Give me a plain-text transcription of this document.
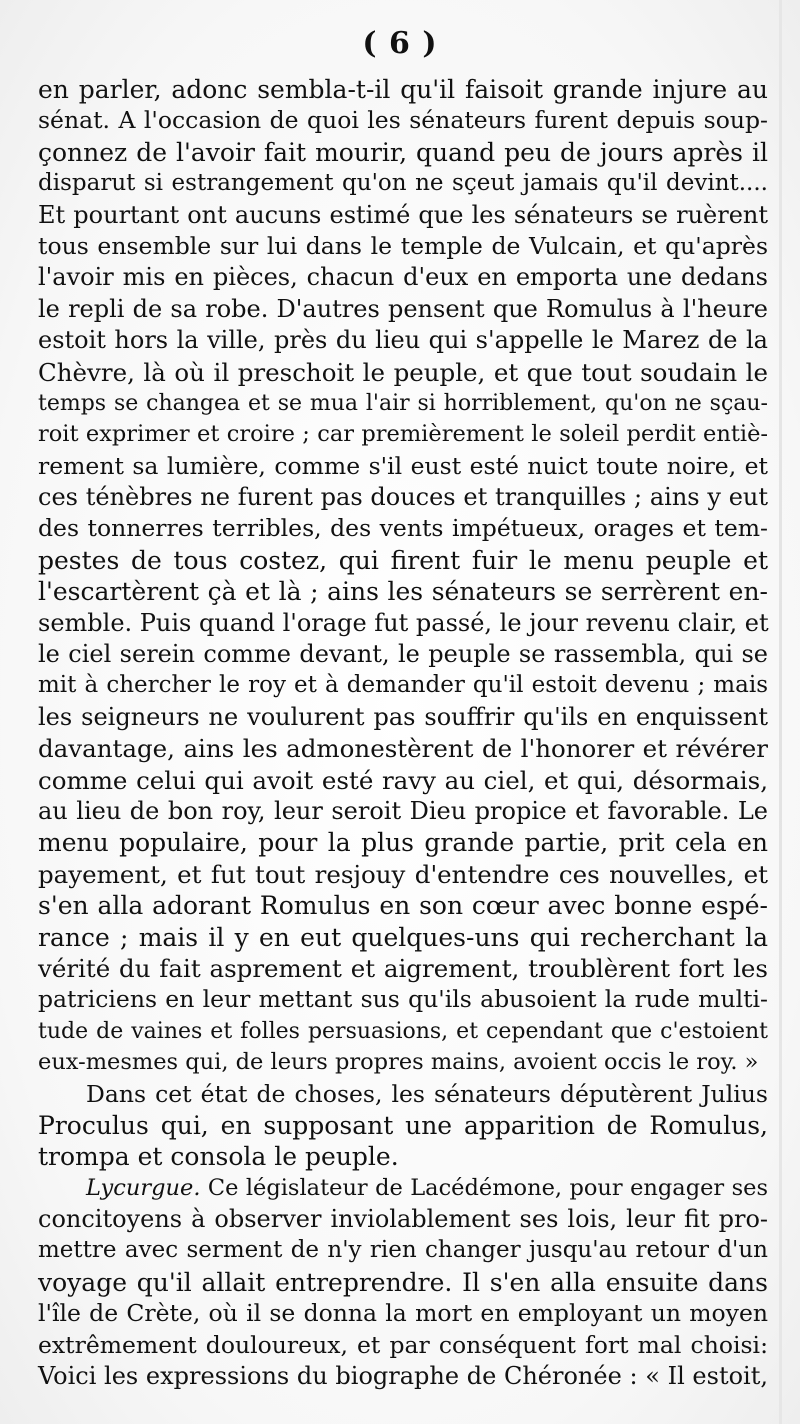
( 6 )
en parler, adonc sembla-t-il qu'il faisoit grande injure au
sénat. A l'occasion de quoi les sénateurs furent depuis soup-
çonnez de l'avoir fait mourir, quand peu de jours après il
disparut si estrangement qu'on ne sçeut jamais qu'il devint....
Et pourtant ont aucuns estimé que les sénateurs se ruèrent
tous ensemble sur lui dans le temple de Vulcain, et qu'après
l'avoir mis en pièces, chacun d'eux en emporta une dedans
le repli de sa robe. D'autres pensent que Romulus à l'heure
estoit hors la ville, près du lieu qui s'appelle le Marez de la
Chèvre, là où il preschoit le peuple, et que tout soudain le
temps se changea et se mua l'air si horriblement, qu'on ne sçau-
roit exprimer et croire ; car premièrement le soleil perdit entiè-
rement sa lumière, comme s'il eust esté nuict toute noire, et
ces ténèbres ne furent pas douces et tranquilles ; ains y eut
des tonnerres terribles, des vents impétueux, orages et tem-
pestes de tous costez, qui firent fuir le menu peuple et
l'escartèrent çà et là ; ains les sénateurs se serrèrent en-
semble. Puis quand l'orage fut passé, le jour revenu clair, et
le ciel serein comme devant, le peuple se rassembla, qui se
mit à chercher le roy et à demander qu'il estoit devenu ; mais
les seigneurs ne voulurent pas souffrir qu'ils en enquissent
davantage, ains les admonestèrent de l'honorer et révérer
comme celui qui avoit esté ravy au ciel, et qui, désormais,
au lieu de bon roy, leur seroit Dieu propice et favorable. Le
menu populaire, pour la plus grande partie, prit cela en
payement, et fut tout resjouy d'entendre ces nouvelles, et
s'en alla adorant Romulus en son cœur avec bonne espé-
rance ; mais il y en eut quelques-uns qui recherchant la
vérité du fait asprement et aigrement, troublèrent fort les
patriciens en leur mettant sus qu'ils abusoient la rude multi-
tude de vaines et folles persuasions, et cependant que c'estoient
eux-mesmes qui, de leurs propres mains, avoient occis le roy. »
Dans cet état de choses, les sénateurs députèrent Julius
Proculus qui, en supposant une apparition de Romulus,
trompa et consola le peuple.
Lycurgue. Ce législateur de Lacédémone, pour engager ses
concitoyens à observer inviolablement ses lois, leur fit pro-
mettre avec serment de n'y rien changer jusqu'au retour d'un
voyage qu'il allait entreprendre. Il s'en alla ensuite dans
l'île de Crète, où il se donna la mort en employant un moyen
extrêmement douloureux, et par conséquent fort mal choisi:
Voici les expressions du biographe de Chéronée : « Il estoit,
